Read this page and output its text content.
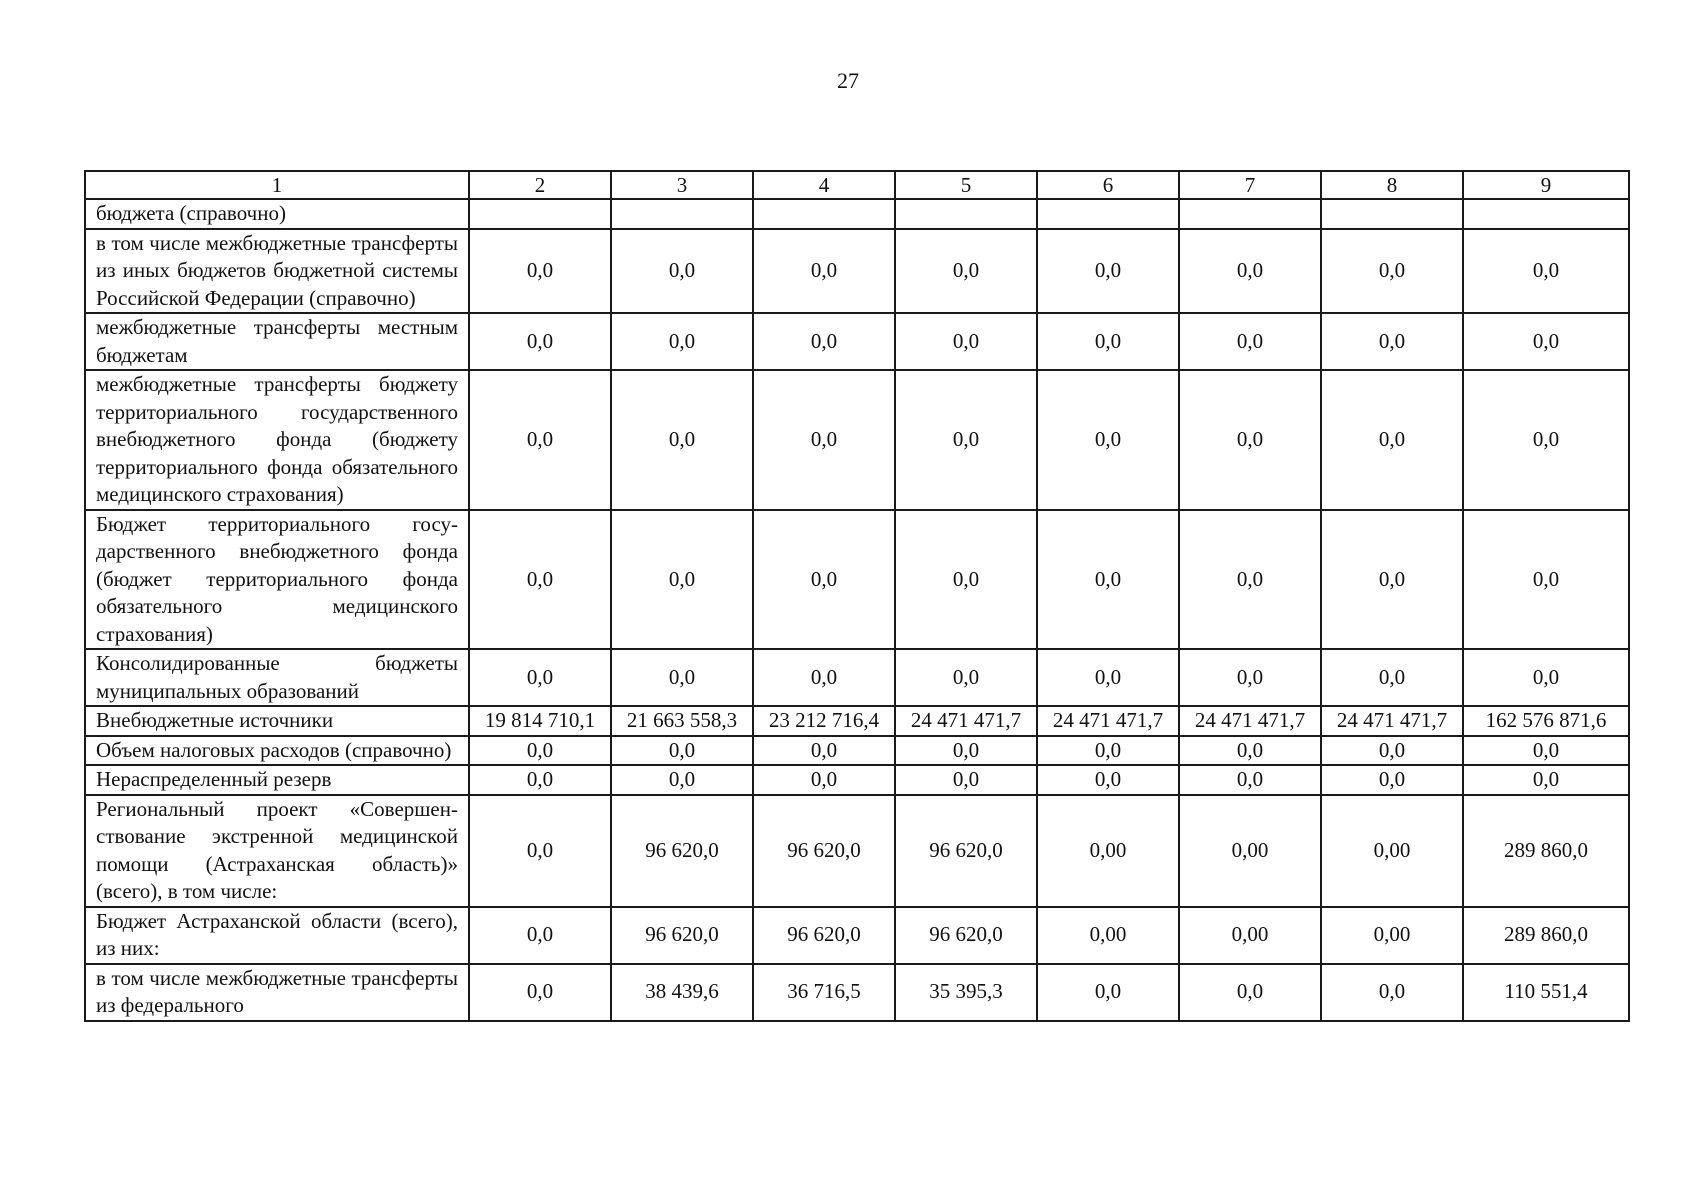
27
1	2	3	4	5	6	7	8	9
бюджета (справочно)								
в том числе межбюджетные трансферты из иных бюджетов бюджетной системы Российской Федерации (справочно)	0,0	0,0	0,0	0,0	0,0	0,0	0,0	0,0
межбюджетные трансферты местным бюджетам	0,0	0,0	0,0	0,0	0,0	0,0	0,0	0,0
межбюджетные трансферты бюджету территориального государственного внебюджетного фонда (бюджету территориального фонда обязательного медицинского страхования)	0,0	0,0	0,0	0,0	0,0	0,0	0,0	0,0
Бюджет территориального государственного внебюджетного фонда (бюджет территориального фонда обязательного медицинского страхования)	0,0	0,0	0,0	0,0	0,0	0,0	0,0	0,0
Консолидированные бюджеты муниципальных образований	0,0	0,0	0,0	0,0	0,0	0,0	0,0	0,0
Внебюджетные источники	19 814 710,1	21 663 558,3	23 212 716,4	24 471 471,7	24 471 471,7	24 471 471,7	24 471 471,7	162 576 871,6
Объем налоговых расходов (справочно)	0,0	0,0	0,0	0,0	0,0	0,0	0,0	0,0
Нераспределенный резерв	0,0	0,0	0,0	0,0	0,0	0,0	0,0	0,0
Региональный проект «Совершенствование экстренной медицинской помощи (Астраханская область)» (всего), в том числе:	0,0	96 620,0	96 620,0	96 620,0	0,00	0,00	0,00	289 860,0
Бюджет Астраханской области (всего), из них:	0,0	96 620,0	96 620,0	96 620,0	0,00	0,00	0,00	289 860,0
в том числе межбюджетные трансферты из федерального	0,0	38 439,6	36 716,5	35 395,3	0,0	0,0	0,0	110 551,4
